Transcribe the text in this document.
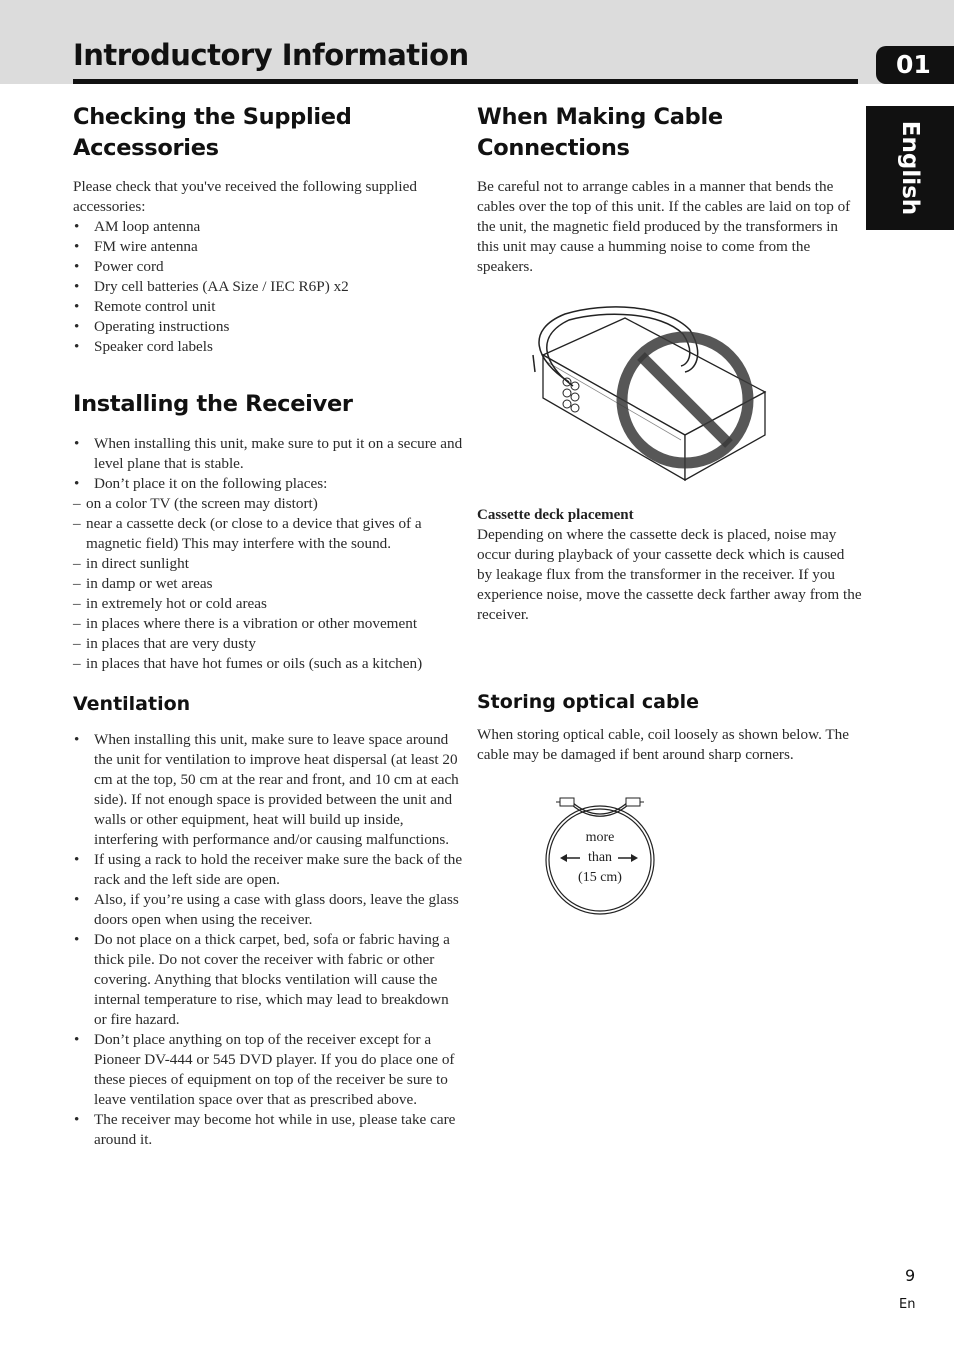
Introductory Information	01
English
Checking the Supplied Accessories

Please check that you've received the following supplied accessories:

• AM loop antenna
• FM wire antenna
• Power cord
• Dry cell batteries (AA Size / IEC R6P) x2
• Remote control unit
• Operating instructions
• Speaker cord labels
Installing the Receiver
• When installing this unit, make sure to put it on a secure and level plane that is stable.
• Don’t place it on the following places:
– on a color TV (the screen may distort)
– near a cassette deck (or close to a device that gives of a magnetic field) This may interfere with the sound.
– in direct sunlight
– in damp or wet areas
– in extremely hot or cold areas
– in places where there is a vibration or other movement
– in places that are very dusty
– in places that have hot fumes or oils (such as a kitchen)
Ventilation
• When installing this unit, make sure to leave space around the unit for ventilation to improve heat dispersal (at least 20 cm at the top, 50 cm at the rear and front, and 10 cm at each side). If not enough space is provided between the unit and walls or other equipment, heat will build up inside, interfering with performance and/or causing malfunctions.
• If using a rack to hold the receiver make sure the back of the rack and the left side are open.
• Also, if you’re using a case with glass doors, leave the glass doors open when using the receiver.
• Do not place on a thick carpet, bed, sofa or fabric having a thick pile. Do not cover the receiver with fabric or other covering. Anything that blocks ventilation will cause the internal temperature to rise, which may lead to breakdown or fire hazard.
• Don’t place anything on top of the receiver except for a Pioneer DV-444 or 545 DVD player. If you do place one of these pieces of equipment on top of the receiver be sure to leave ventilation space over that as prescribed above.
• The receiver may become hot while in use, please take care around it.
When Making Cable Connections

Be careful not to arrange cables in a manner that bends the cables over the top of this unit. If the cables are laid on top of the unit, the magnetic field produced by the transformers in this unit may cause a humming noise to come from the speakers.

Cassette deck placement

Depending on where the cassette deck is placed, noise may occur during playback of your cassette deck which is caused by leakage flux from the transformer in the receiver. If you experience noise, move the cassette deck farther away from the receiver.

Storing optical cable

When storing optical cable, coil loosely as shown below. The cable may be damaged if bent around sharp corners.

more
than
(15 cm)
9
En
